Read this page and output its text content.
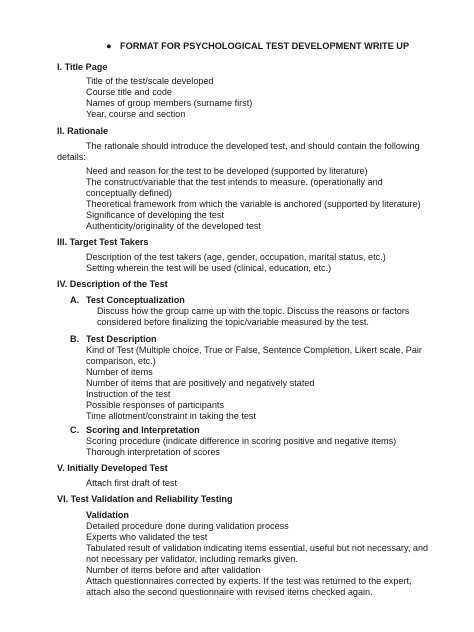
● FORMAT FOR PSYCHOLOGICAL TEST DEVELOPMENT WRITE UP
I. Title Page
Title of the test/scale developed
Course title and code
Names of group members (surname first)
Year, course and section
II. Rationale
The rationale should introduce the developed test, and should contain the following
details:
Need and reason for the test to be developed (supported by literature)
The construct/variable that the test intends to measure. (operationally and
conceptually defined)
Theoretical framework from which the variable is anchored (supported by literature)
Significance of developing the test
Authenticity/originality of the developed test
III. Target Test Takers
Description of the test takers (age, gender, occupation, marital status, etc.)
Setting wherein the test will be used (clinical, education, etc.)
IV. Description of the Test
A. Test Conceptualization
Discuss how the group came up with the topic. Discuss the reasons or factors
considered before finalizing the topic/variable measured by the test.
B. Test Description
Kind of Test (Multiple choice, True or False, Sentence Completion, Likert scale, Pair
comparison, etc.)
Number of items
Number of items that are positively and negatively stated
Instruction of the test
Possible responses of participants
Time allotment/constraint in taking the test
C. Scoring and Interpretation
Scoring procedure (indicate difference in scoring positive and negative items)
Thorough interpretation of scores
V. Initially Developed Test
Attach first draft of test
VI. Test Validation and Reliability Testing
Validation
Detailed procedure done during validation process
Experts who validated the test
Tabulated result of validation indicating items essential, useful but not necessary, and
not necessary per validator, including remarks given.
Number of items before and after validation
Attach questionnaires corrected by experts. If the test was returned to the expert,
attach also the second questionnaire with revised items checked again.
